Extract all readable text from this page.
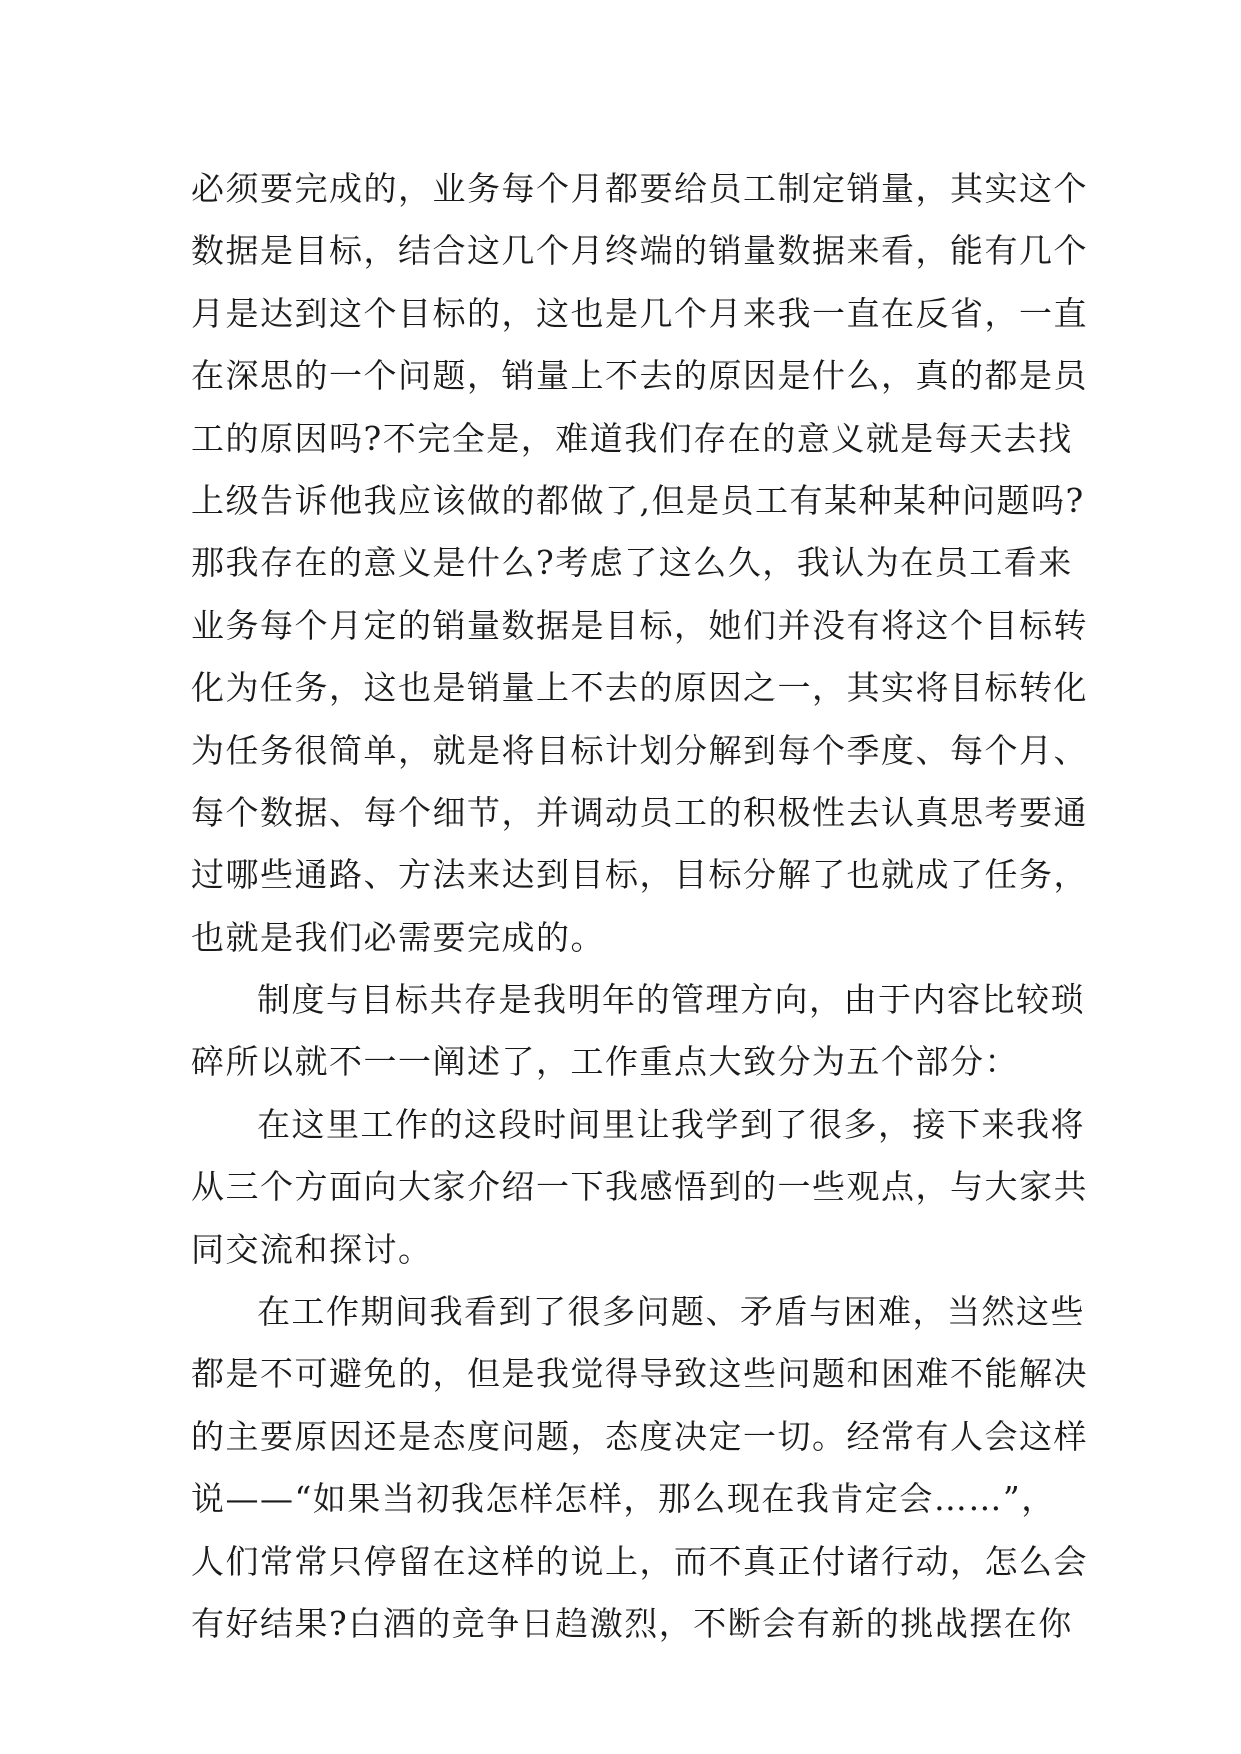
必须要完成的，业务每个月都要给员工制定销量，其实这个
数据是目标，结合这几个月终端的销量数据来看，能有几个
月是达到这个目标的，这也是几个月来我一直在反省，一直
在深思的一个问题，销量上不去的原因是什么，真的都是员
工的原因吗?不完全是，难道我们存在的意义就是每天去找
上级告诉他我应该做的都做了,但是员工有某种某种问题吗?
那我存在的意义是什么?考虑了这么久，我认为在员工看来
业务每个月定的销量数据是目标，她们并没有将这个目标转
化为任务，这也是销量上不去的原因之一，其实将目标转化
为任务很简单，就是将目标计划分解到每个季度、每个月、
每个数据、每个细节，并调动员工的积极性去认真思考要通
过哪些通路、方法来达到目标，目标分解了也就成了任务，
也就是我们必需要完成的。
制度与目标共存是我明年的管理方向，由于内容比较琐
碎所以就不一一阐述了，工作重点大致分为五个部分：
在这里工作的这段时间里让我学到了很多，接下来我将
从三个方面向大家介绍一下我感悟到的一些观点，与大家共
同交流和探讨。
在工作期间我看到了很多问题、矛盾与困难，当然这些
都是不可避免的，但是我觉得导致这些问题和困难不能解决
的主要原因还是态度问题，态度决定一切。经常有人会这样
说——“如果当初我怎样怎样，那么现在我肯定会……”，
人们常常只停留在这样的说上，而不真正付诸行动，怎么会
有好结果?白酒的竞争日趋激烈，不断会有新的挑战摆在你
